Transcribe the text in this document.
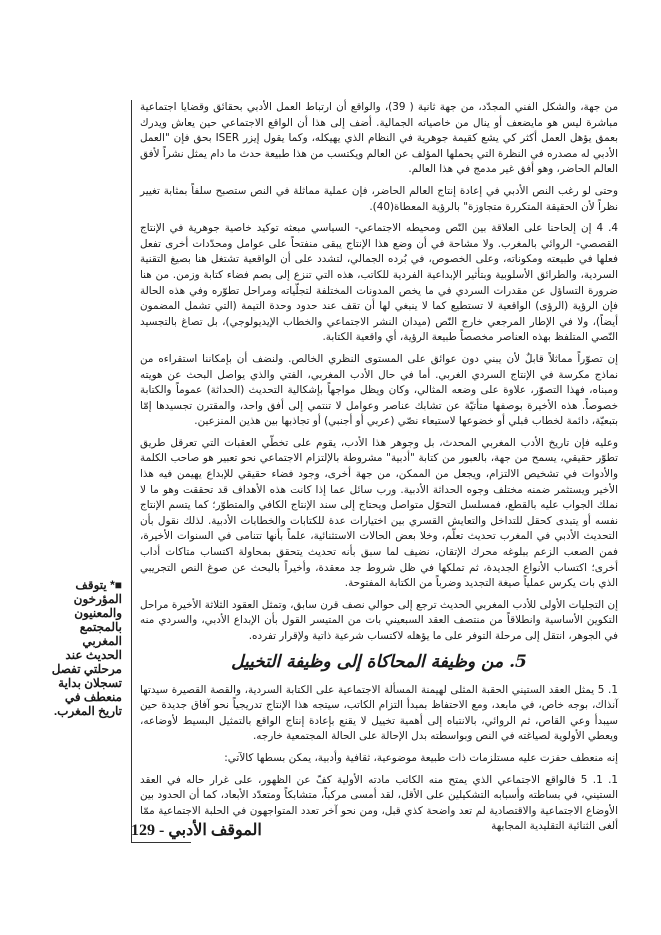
الموقف الأدبي - 129

من جهة، والشكل الفني المجدّد، من جهة ثانية ( 39)، والواقع أن ارتباط العمل الأدبي بحقائق وقضايا اجتماعية مباشرة ليس هو مايضعف أو ينال من خاصياته الجمالية. أضف إلى هذا أن الواقع الاجتماعي حين يعاش ويدرك بعمق يؤهل العمل أكثر كي يشع كقيمة جوهرية في النظام الذي يهيكله، وكما يقول إيزر ISER بحق فإن "العمل الأدبي له مصدره في النظرة التي يحملها المؤلف عن العالم ويكتسب من هذا طبيعة حدث ما دام يمثل نشراً لأفق العالم الحاضر، وهو أفق غير مدمج في هذا العالم.

وحتى لو رغب النص الأدبي في إعادة إنتاج العالم الحاضر، فإن عملية مماثلة في النص ستصبح سلفاً بمثابة تغيير نظراً لأن الحقيقة المتكررة متجاوزة" بالرؤية المعطاة(40).

4. 4 إن إلحاحنا على العلاقة بين النّص ومحيطه الاجتماعي- السياسي مبعثه توكيد خاصية جوهرية في الإنتاج القصصي- الروائي بالمغرب. ولا مشاحة في أن وضع هذا الإنتاج يبقى منفتحاً على عوامل ومحدّدات أخرى تفعل فعلها في طبيعته ومكوناته، وعلى الخصوص، في بُرده الجمالي، لتشدد على أن الواقعية تشتغل هنا بصيغ التقنية السردية، والطرائق الأسلوبية وبتأثير الإبداعية الفردية للكاتب، هذه التي تنزع إلى بصم فضاء كتابة وزمن. من هنا ضرورة التساؤل عن مقدرات السردي في ما يخص المدونات المختلفة لتجلّياته ومراحل تطوّره وفي هذه الحالة فإن الرؤية (الرؤى) الواقعية لا تستطيع كما لا ينبغي لها أن تقف عند حدود وحدة التيمة (التي تشمل المضمون أيضاً)، ولا في الإطار المرجعي خارج النّص (ميدان النشر الاجتماعي والخطاب الإيديولوجي)، بل تصاغ بالتجسيد النّصي المتلفظ بهذه العناصر مخصصاً طبيعة الرؤية، أي واقعية الكتابة.

إن تصوّراً مماثلاً قابلٌ لأن يبني دون عوائق على المستوى النظري الخالص. ولنضف أن بإمكاننا استقراءه من نماذج مكرسة في الإنتاج السردي الغربي. أما في حال الأدب المغربي، الفتي والذي يواصل البحث عن هويته ومبناه، فهذا التصوّر، علاوة على وضعه المثالي، وكان ويظل مواجهاً بإشكالية التحديث (الحداثة) عموماً والكتابة خصوصاً. هذه الأخيرة بوصفها متأتيّة عن تشابك عناصر وعوامل لا تنتمي إلى أفق واحد، والمقترن تجسيدها إمّا بتبعيّة، دائمة لخطاب قبلي أو خضوعها لاستيعاء نصّي (عربي أو أجنبي) أو تجاذبها بين هذين المنزعين.

وعليه فإن تاريخ الأدب المغربي المحدث، بل وجوهر هذا الأدب، يقوم على تخطّي العقبات التي تعرقل طريق تطوّر حقيقي، يسمح من جهة، بالعبور من كتابة "أدبية" مشروطة بالإلتزام الاجتماعي نحو تعبير هو صاحب الكلمة والأدوات في تشخيص الالتزام، ويجعل من الممكن، من جهة أخرى، وجود فضاء حقيقي للإبداع يهيمن فيه هذا الأخير ويستثمر ضمنه مختلف وجوه الحداثة الأدبية. ورب سائل عما إذا كانت هذه الأهداف قد تحققت وهو ما لا نملك الجواب عليه بالقطع، فمسلسل التحوّل متواصل ويحتاج إلى سند الإنتاج الكافي والمتطوّر؛ كما يتسم الإنتاج نفسه أو يتبدى كحقل للتداخل والتعايش القسري بين اختيارات عدة للكتابات والخطابات الأدبية. لذلك نقول بأن التحديث الأدبي في المغرب تحديث تعلّم، وخلا بعض الحالات الاستثنائية، علماً بأنها تتنامى في السنوات الأخيرة، فمن الصعب الزعم ببلوغه محرك الإتقان، نضيف لما سبق بأنه تحديث يتحقق بمحاولة اكتساب متاكات أداب أخرى؛ اكتساب الأنواع الجديدة، ثم تملكها في ظل شروط جد معقدة، وأخيراً بالبحث عن صوغ النص التجريبي الذي بات يكرس عملياً صيغة التجديد وضرباً من الكتابة المفتوحة.

إن التجليات الأولى للأدب المغربي الحديث ترجع إلى حوالي نصف قرن سابق، وتمثل العقود الثلاثة الأخيرة مراحل التكوين الأساسية وانطلاقاً من منتصف العقد السبعيني بات من المتيسر القول بأن الإبداع الأدبي، والسردي منه في الجوهر، انتقل إلى مرحلة التوفر على ما يؤهله لاكتساب شرعية ذاتية ولإقرار تفرده.

5. من وظيفة المحاكاة إلى وظيفة التخييل

1. 5 يمثل العقد الستيني الحقبة المثلى لهيمنة المسألة الاجتماعية على الكتابة السردية، والقصة القصيرة سيدتها آنذاك، بوجه خاص، في مابعد، ومع الاحتفاظ بمبدأ التزام الكاتب، سيتجه هذا الإنتاج تدريجياً نحو آفاق جديدة حين سيبدأ وعي القاص، ثم الروائي، بالانتباه إلى أهمية تخييل لا يقنع بإعادة إنتاج الواقع بالتمثيل البسيط لأوضاعه، ويعطي الأولوية لصياغته في النص وبواسطته بدل الإحالة على الحالة المجتمعية خارجه.

إنه منعطف حفزت عليه مستلزمات ذات طبيعة موضوعية، ثقافية وأدبية، يمكن بسطها كالآتي:

1. 1. 5 فالواقع الاجتماعي الذي يمتح منه الكاتب مادته الأولية كفّ عن الظهور، على غرار حاله في العقد الستيني، في بساطته وأسبابه التشكيلين على الأقل، لقد أمسى مركباً، متشابكاً ومتعدّد الأبعاد، كما أن الحدود بين الأوضاع الاجتماعية والاقتصادية لم تعد واضحة كذي قبل، ومن نحو آخر تعدد المتواجهون في الحلبة الاجتماعية ممّا ألغى الثنائية التقليدية المجابهة

■* يتوقف المؤرخون والمعنيون بالمجتمع المغربي الحديث عند مرحلتي تفصل تسجلان بداية منعطف في تاريخ المغرب.
